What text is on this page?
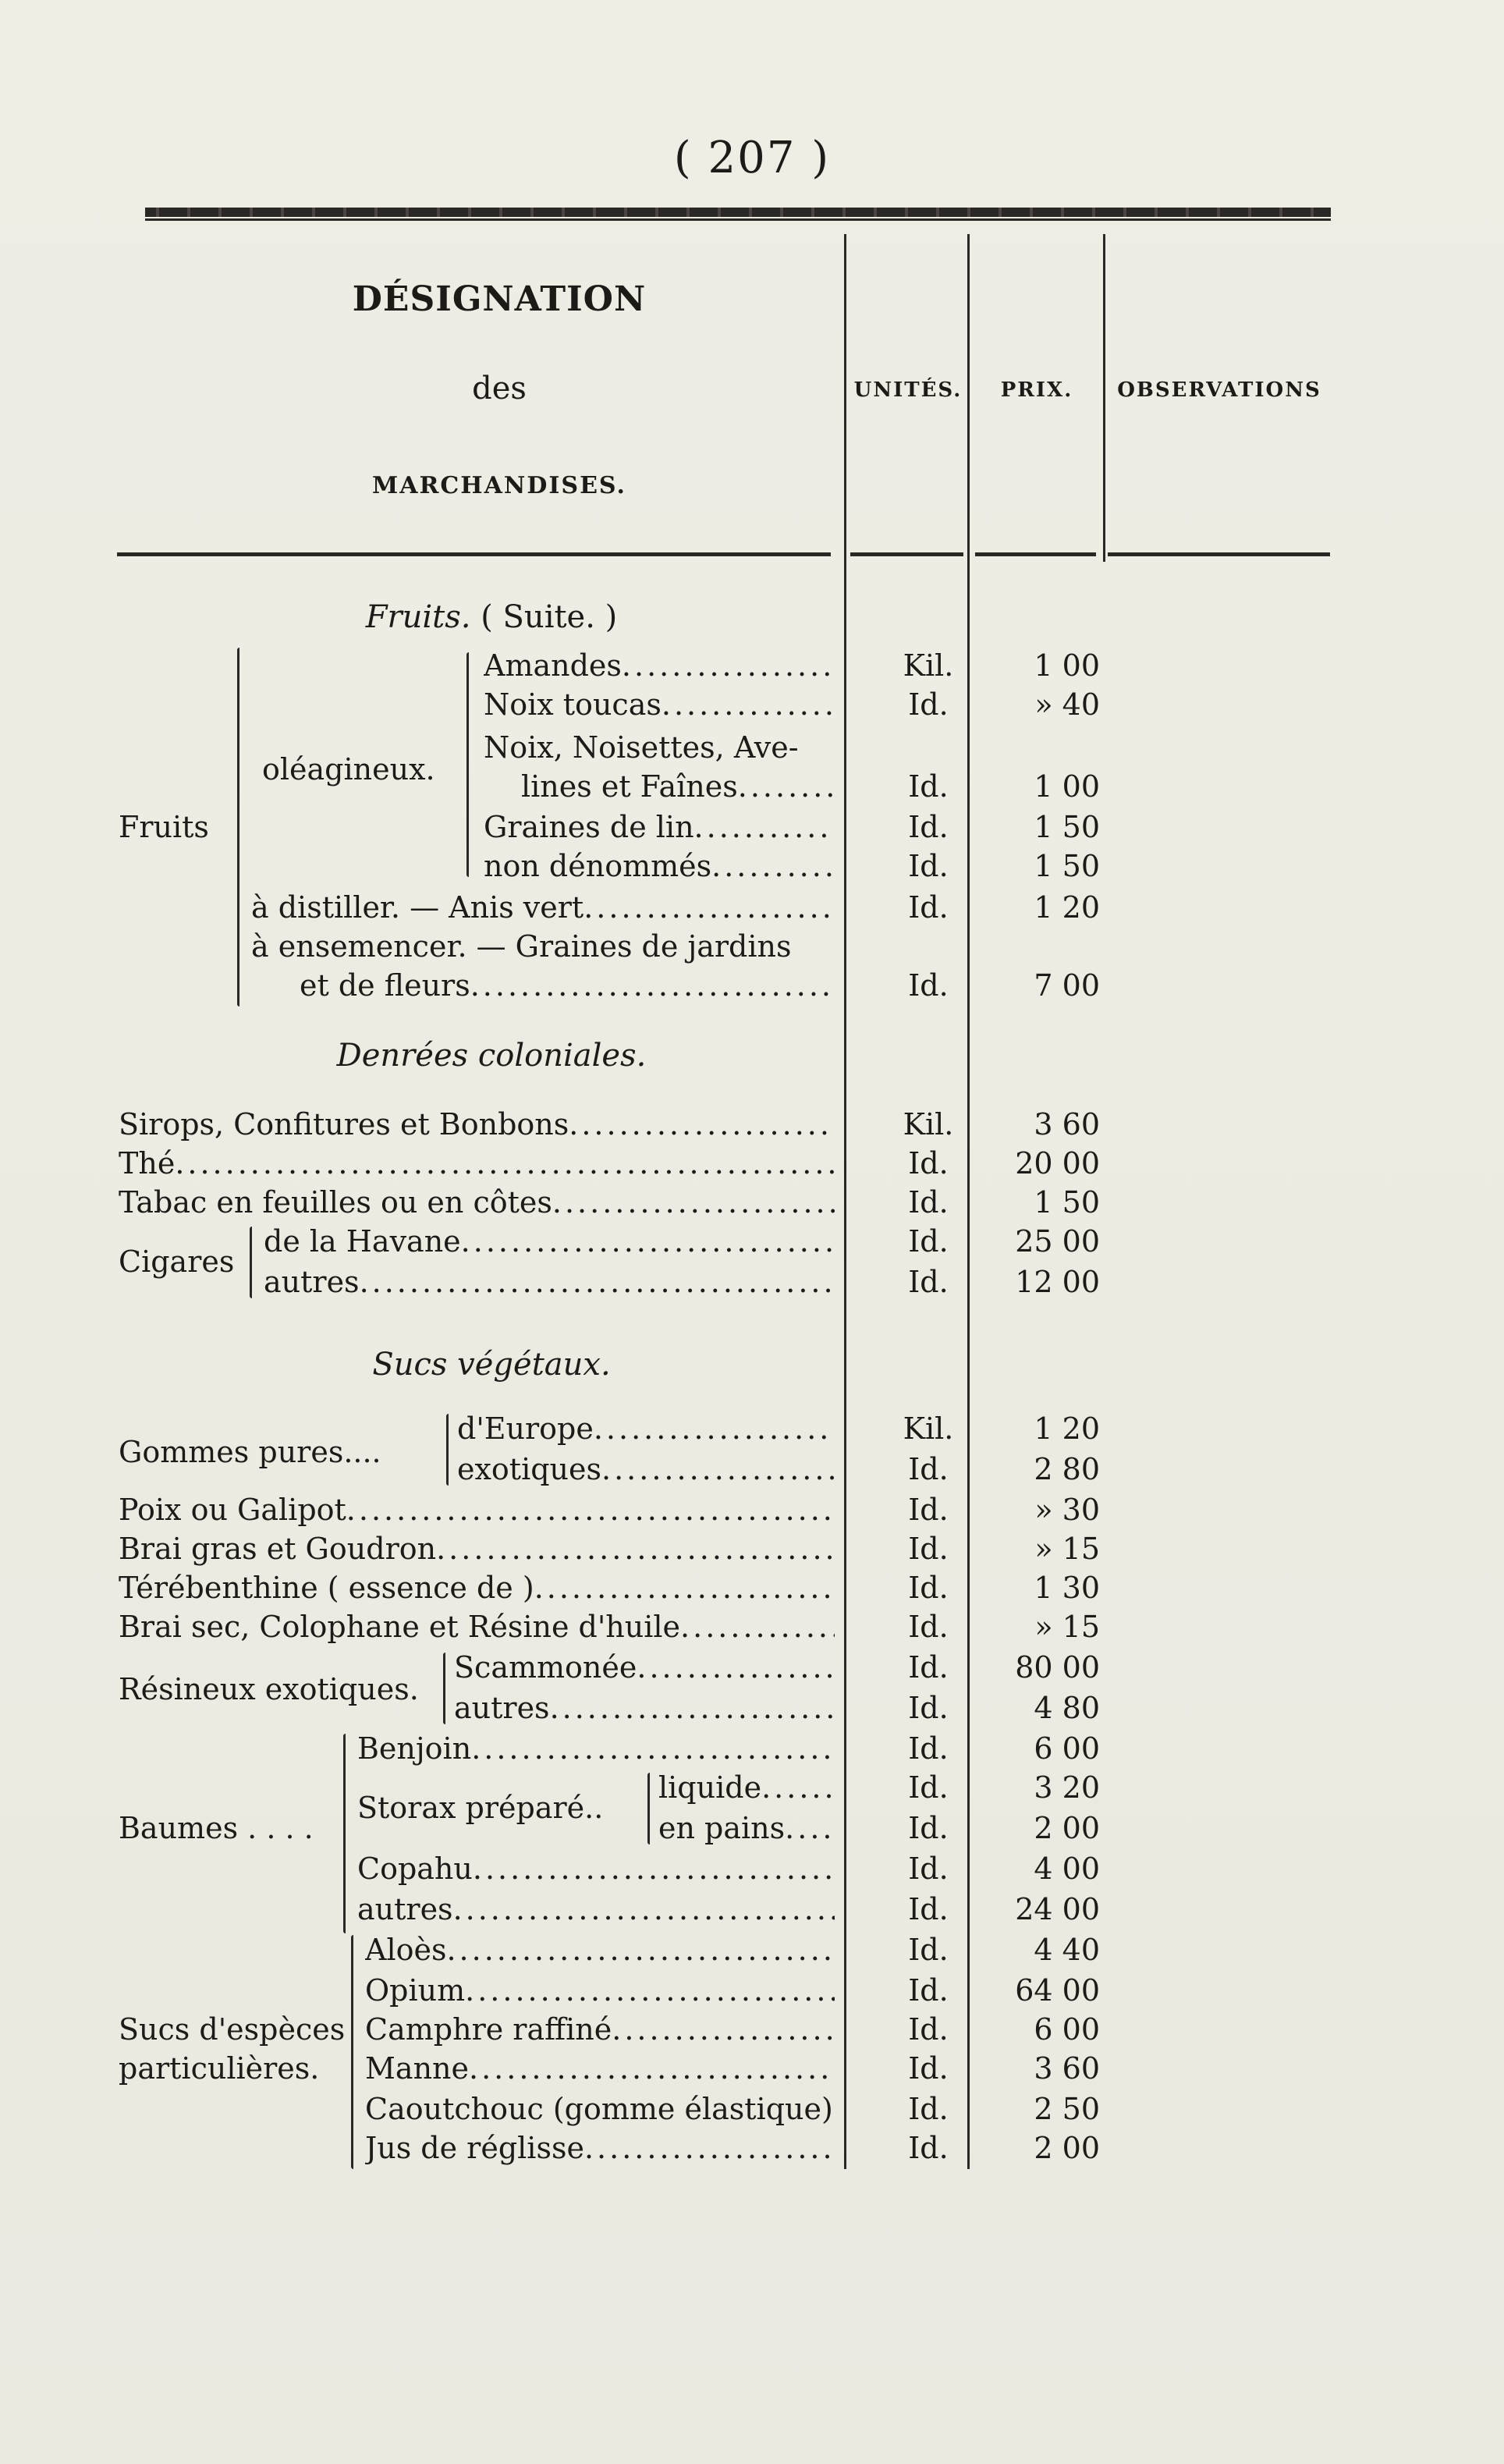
( 207 )
DÉSIGNATION
des
MARCHANDISES.
UNITÉS.	PRIX.	OBSERVATIONS
Fruits. ( Suite. )
Fruits
oléagineux.
Amandes .....	Kil.	1 00
Noix toucas .....	Id.	» 40
Noix, Noisettes, Ave-
lines et Faînes .....	Id.	1 00
Graines de lin .....	Id.	1 50
non dénommés .....	Id.	1 50
à distiller. — Anis vert .....	Id.	1 20
à ensemencer. — Graines de jardins
et de fleurs .....	Id.	7 00
Denrées coloniales.
Sirops, Confitures et Bonbons .....	Kil.	3 60
Thé .....	Id.	20 00
Tabac en feuilles ou en côtes .....	Id.	1 50
Cigares
de la Havane .....	Id.	25 00
autres .....	Id.	12 00
Sucs végétaux.
Gommes pures....
d'Europe .....	Kil.	1 20
exotiques .....	Id.	2 80
Poix ou Galipot .....	Id.	» 30
Brai gras et Goudron .....	Id.	» 15
Térébenthine ( essence de ) .....	Id.	1 30
Brai sec, Colophane et Résine d'huile .....	Id.	» 15
Résineux exotiques.
Scammonée .....	Id.	80 00
autres .....	Id.	4 80
Baumes . . . .
Benjoin .....	Id.	6 00
Storax préparé..
liquide .....	Id.	3 20
en pains .....	Id.	2 00
Copahu .....	Id.	4 00
autres .....	Id.	24 00
Sucs d'espèces
particulières.
Aloès .....	Id.	4 40
Opium .....	Id.	64 00
Camphre raffiné .....	Id.	6 00
Manne .....	Id.	3 60
Caoutchouc (gomme élastique)	Id.	2 50
Jus de réglisse .....	Id.	2 00
